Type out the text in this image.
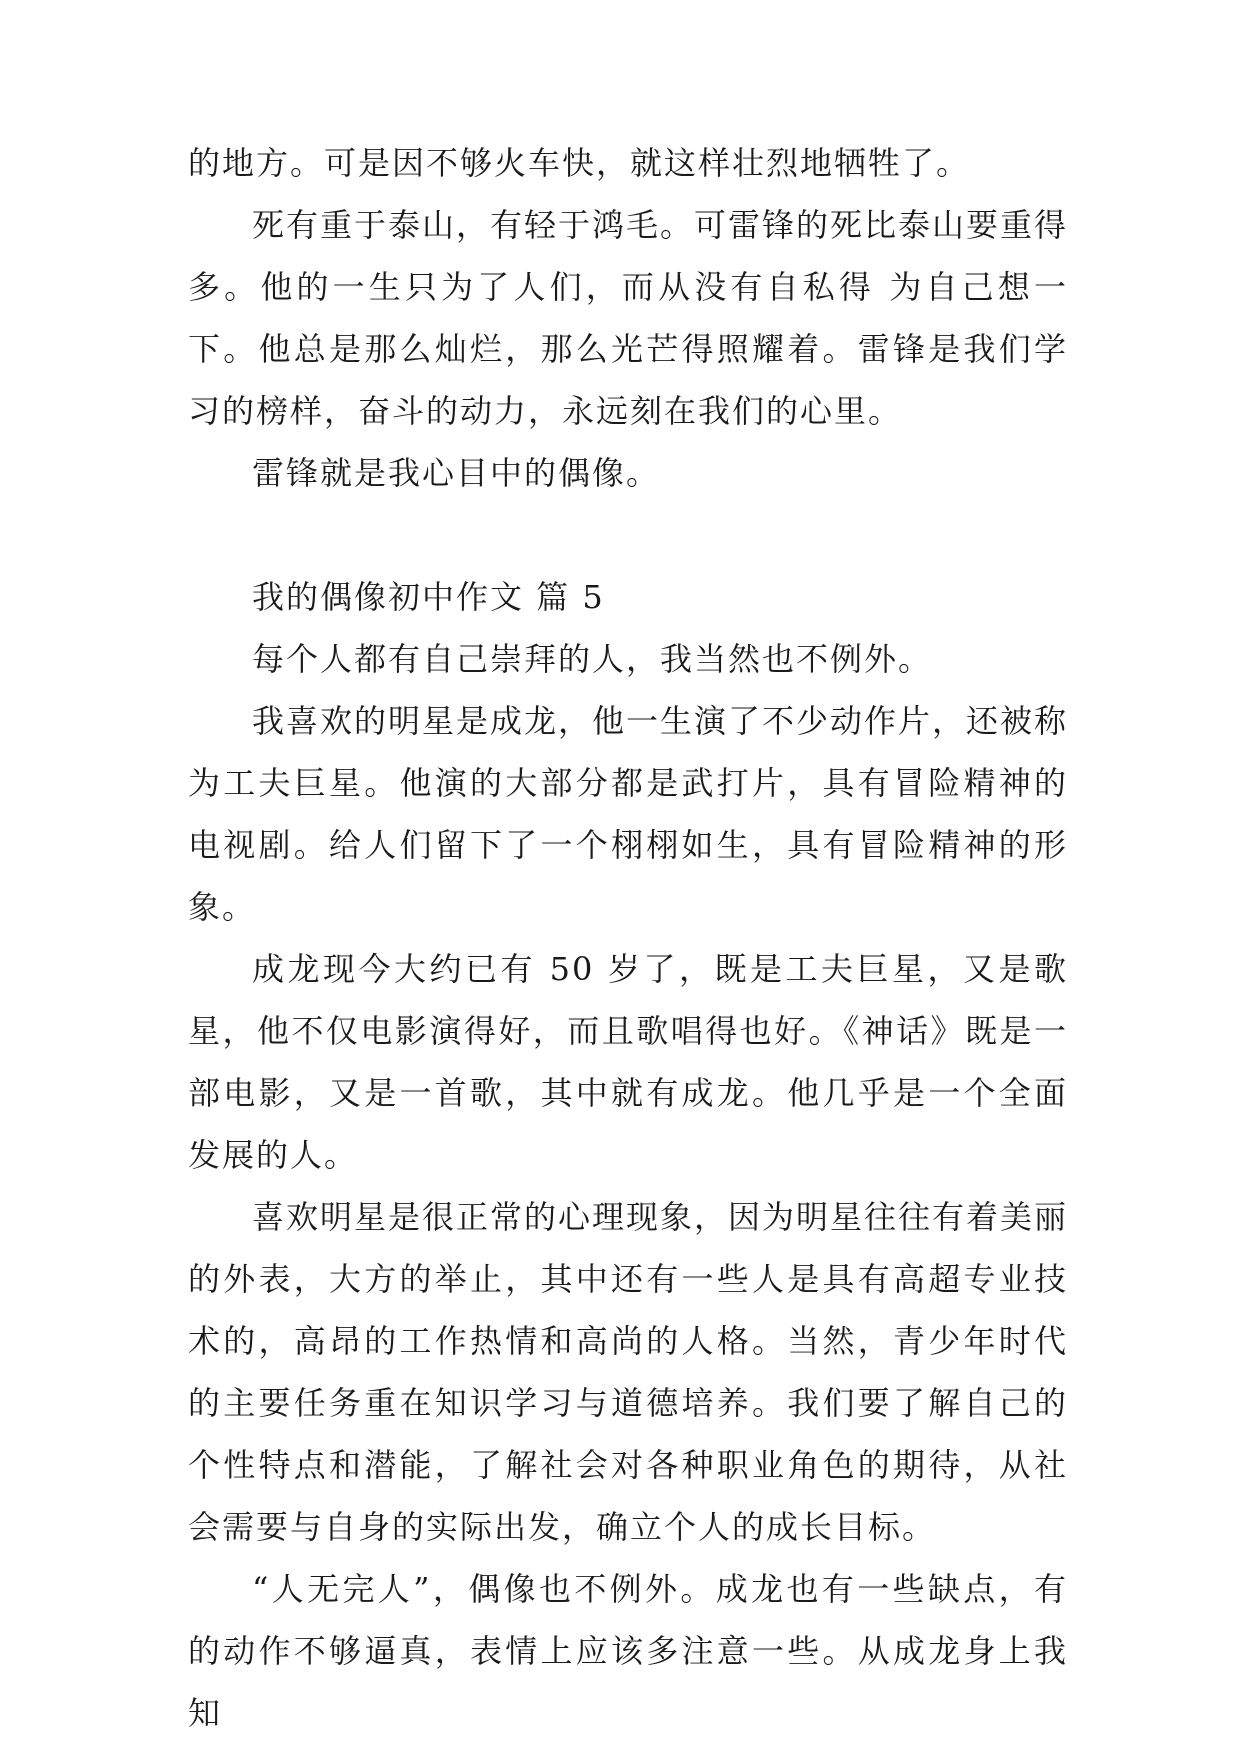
的地方。可是因不够火车快，就这样壮烈地牺牲了。

死有重于泰山，有轻于鸿毛。可雷锋的死比泰山要重得多。他的一生只为了人们，而从没有自私得 为自己想一下。他总是那么灿烂，那么光芒得照耀着。雷锋是我们学习的榜样，奋斗的动力，永远刻在我们的心里。

雷锋就是我心目中的偶像。

我的偶像初中作文 篇 5

每个人都有自己崇拜的人，我当然也不例外。

我喜欢的明星是成龙，他一生演了不少动作片，还被称为工夫巨星。他演的大部分都是武打片，具有冒险精神的电视剧。给人们留下了一个栩栩如生，具有冒险精神的形象。

成龙现今大约已有 50 岁了，既是工夫巨星，又是歌星，他不仅电影演得好，而且歌唱得也好。《神话》既是一部电影，又是一首歌，其中就有成龙。他几乎是一个全面发展的人。

喜欢明星是很正常的心理现象，因为明星往往有着美丽的外表，大方的举止，其中还有一些人是具有高超专业技术的，高昂的工作热情和高尚的人格。当然，青少年时代的主要任务重在知识学习与道德培养。我们要了解自己的个性特点和潜能，了解社会对各种职业角色的期待，从社会需要与自身的实际出发，确立个人的成长目标。

“人无完人”，偶像也不例外。成龙也有一些缺点，有的动作不够逼真，表情上应该多注意一些。从成龙身上我知
